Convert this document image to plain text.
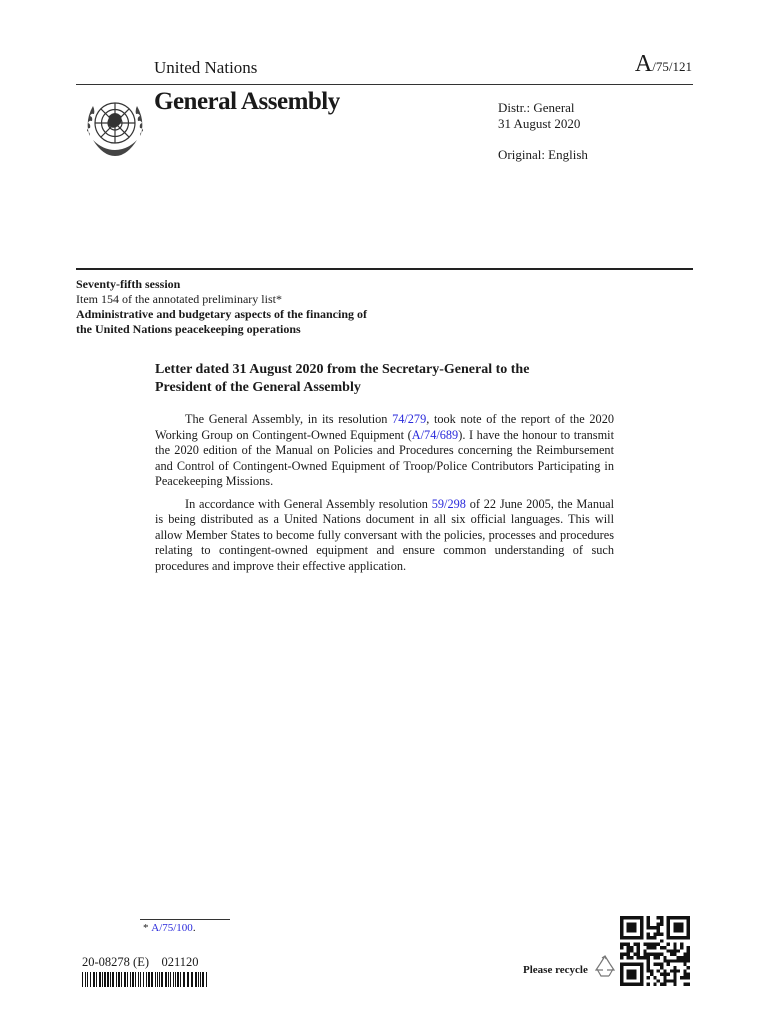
United Nations	A/75/121
General Assembly	Distr.: General
31 August 2020
Original: English
Seventy-fifth session
Item 154 of the annotated preliminary list*
Administrative and budgetary aspects of the financing of
the United Nations peacekeeping operations
Letter dated 31 August 2020 from the Secretary-General to the
President of the General Assembly

The General Assembly, in its resolution 74/279, took note of the report of the 2020 Working Group on Contingent-Owned Equipment (A/74/689). I have the honour to transmit the 2020 edition of the Manual on Policies and Procedures concerning the Reimbursement and Control of Contingent-Owned Equipment of Troop/Police Contributors Participating in Peacekeeping Missions.

In accordance with General Assembly resolution 59/298 of 22 June 2005, the Manual is being distributed as a United Nations document in all six official languages. This will allow Member States to become fully conversant with the policies, processes and procedures relating to contingent-owned equipment and ensure common understanding of such procedures and improve their effective application.

* A/75/100.
20-08278 (E)    021120
Please recycle
